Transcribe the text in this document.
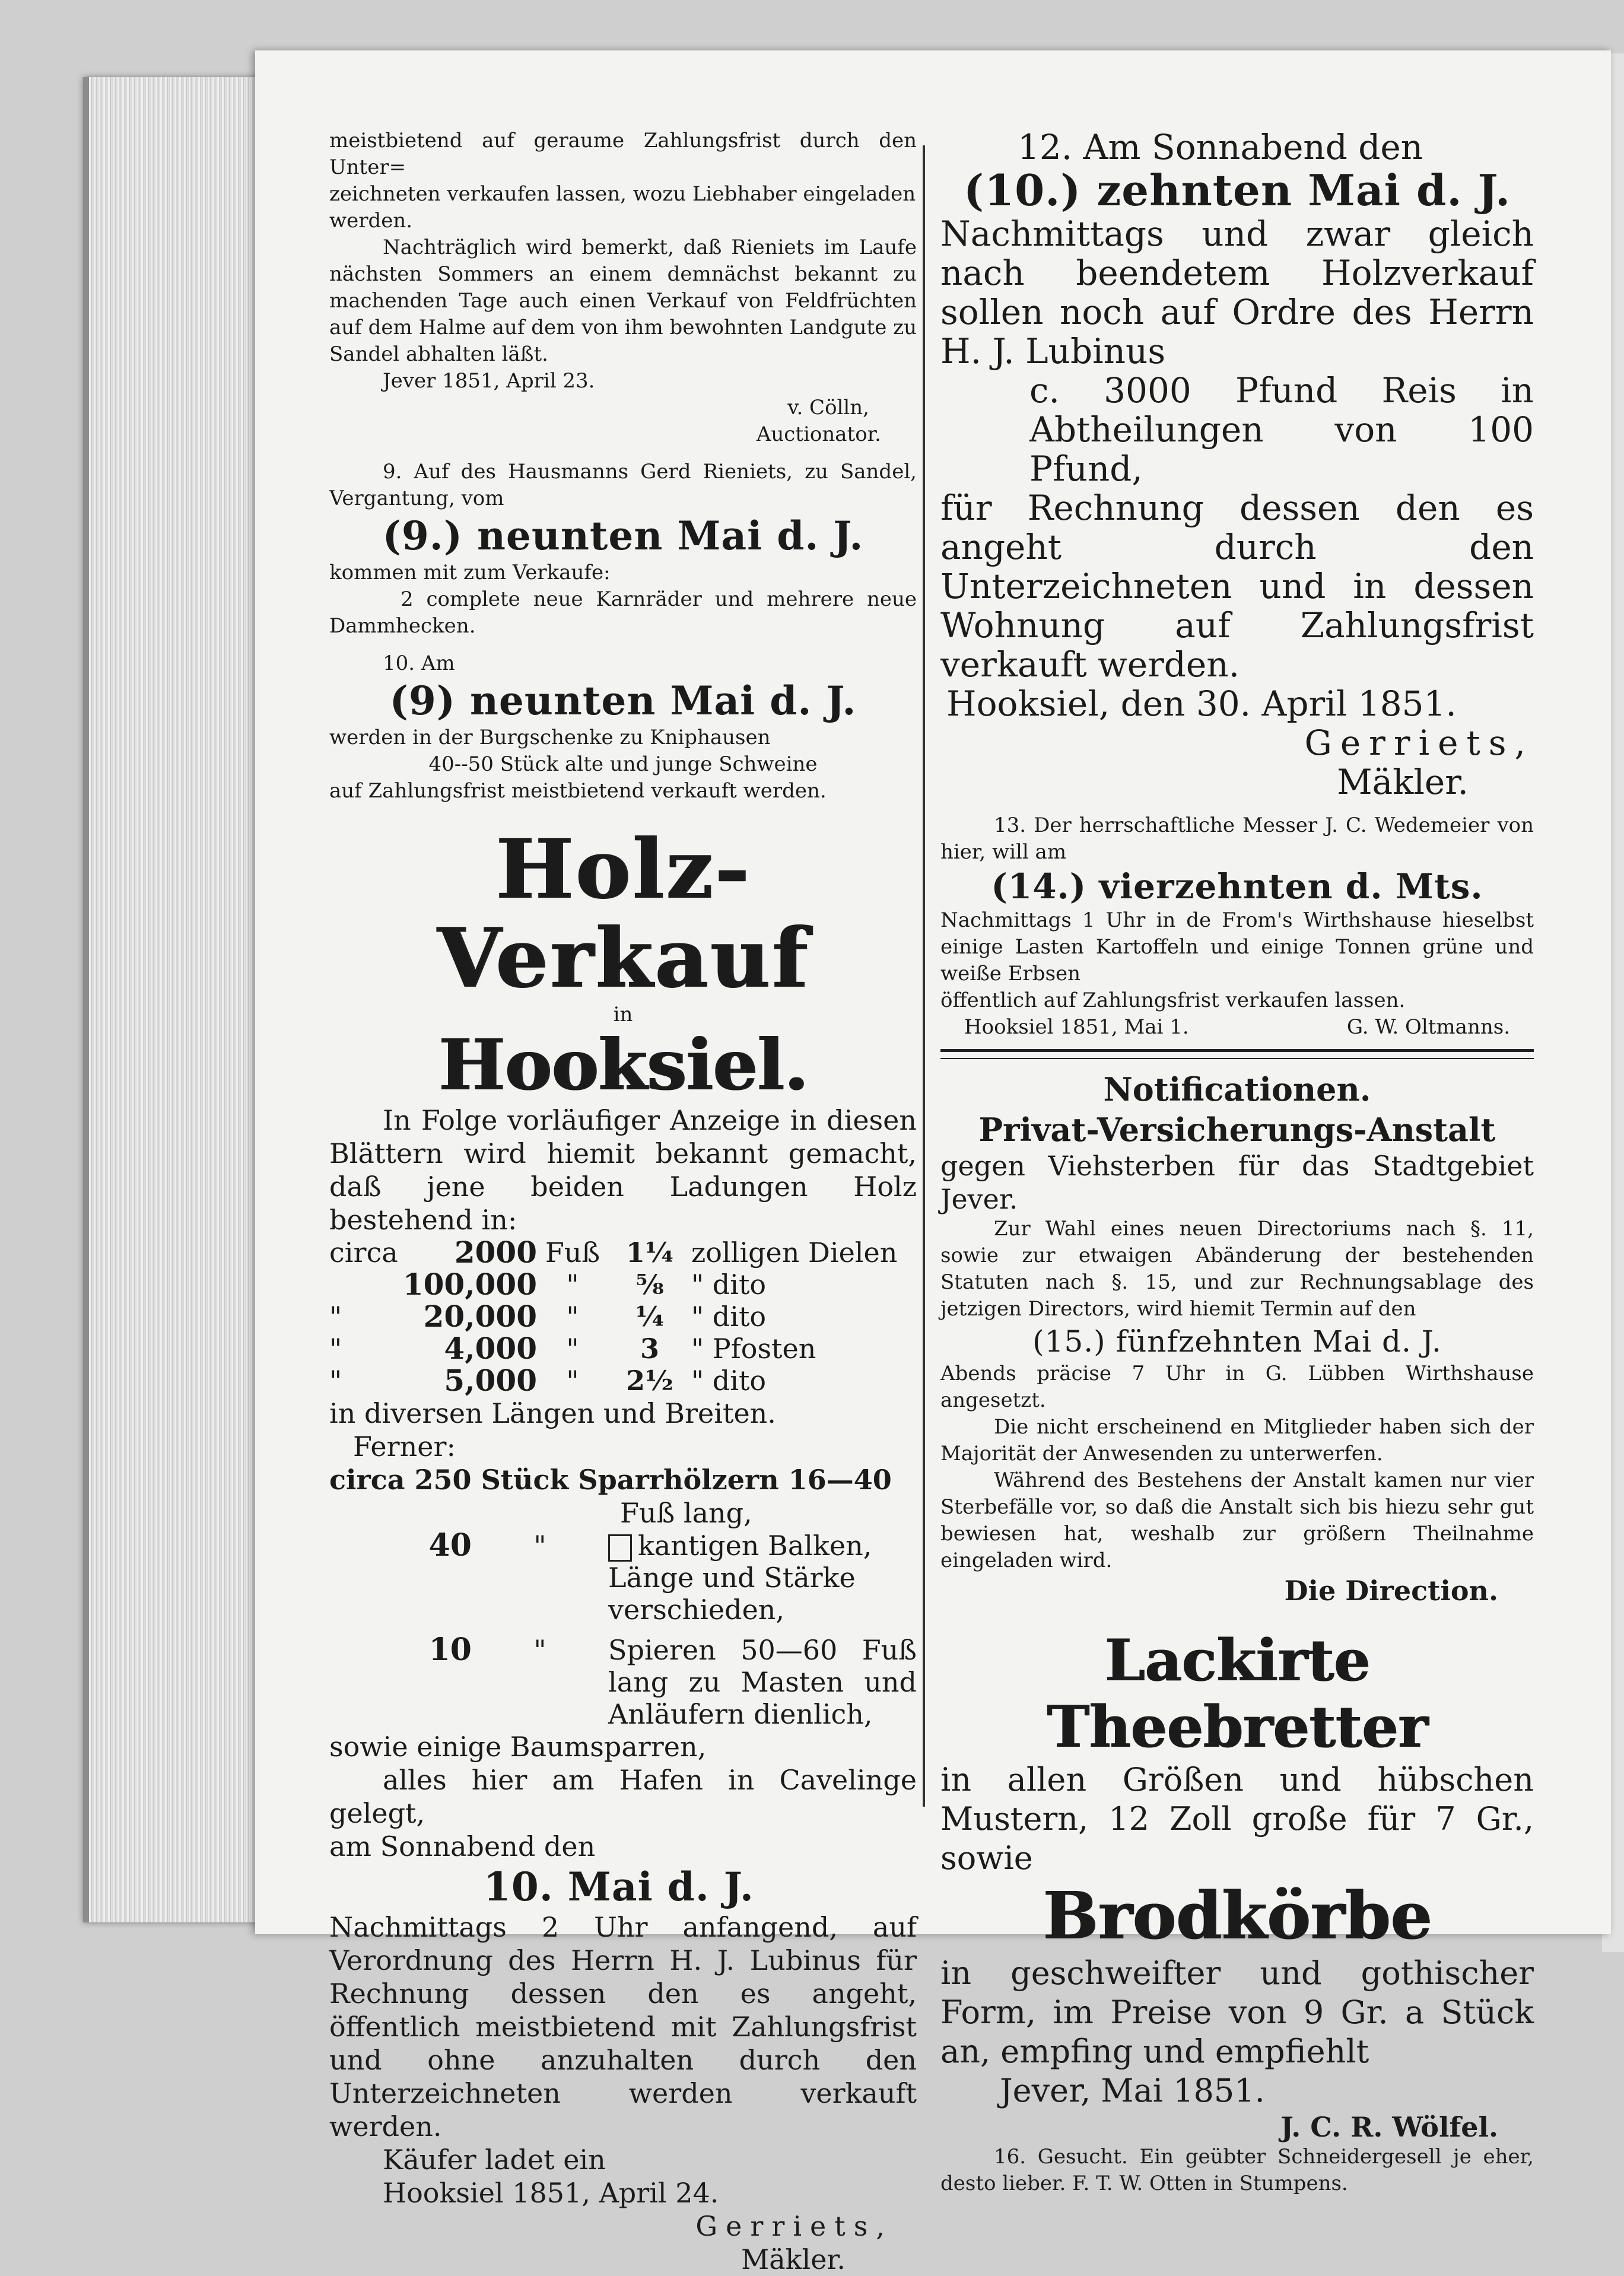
meistbietend auf geraume Zahlungsfrist durch den Unter=

zeichneten verkaufen lassen, wozu Liebhaber eingeladen

werden.

Nachträglich wird bemerkt, daß Rieniets im Laufe nächsten Sommers an einem demnächst bekannt zu machenden Tage auch einen Verkauf von Feldfrüchten auf dem Halme auf dem von ihm bewohnten Landgute zu Sandel abhalten läßt.

Jever 1851, April 23.

v. Cölln,

Auctionator.

9. Auf des Hausmanns Gerd Rieniets, zu Sandel, Vergantung, vom

(9.) neunten Mai d. J.

kommen mit zum Verkaufe:

2 complete neue Karnräder und mehrere neue Dammhecken.

10. Am

(9) neunten Mai d. J.

werden in der Burgschenke zu Kniphausen

40--50 Stück alte und junge Schweine

auf Zahlungsfrist meistbietend verkauft werden.

Holz-Verkauf

in

Hooksiel.

In Folge vorläufiger Anzeige in diesen Blättern wird hiemit bekannt gemacht, daß jene beiden Ladungen Holz bestehend in:

circa	2000	Fuß	1¼	zolligen Dielen
	100,000	"	⅝	" dito
"	20,000	"	¼	" dito
"	4,000	"	3	" Pfosten
"	5,000	"	2½	" dito

in diversen Längen und Breiten.

Ferner:

circa 250 Stück Sparrhölzern 16—40

Fuß lang,

40	"	kantigen Balken, Länge und Stärke verschieden,
10	"	Spieren 50—60 Fuß lang zu Masten und Anläufern dienlich,

sowie einige Baumsparren,

alles hier am Hafen in Cavelinge gelegt,

am Sonnabend den

10. Mai d. J.

Nachmittags 2 Uhr anfangend, auf Verordnung des Herrn H. J. Lubinus für Rechnung dessen den es angeht, öffentlich meistbietend mit Zahlungsfrist und ohne anzuhalten durch den Unterzeichneten werden verkauft werden.

Käufer ladet ein

Hooksiel 1851, April 24.

Gerriets,

Mäkler.

12. Am Sonnabend den

(10.) zehnten Mai d. J.

Nachmittags und zwar gleich nach beendetem Holzverkauf sollen noch auf Ordre des Herrn H. J. Lubinus

c. 3000 Pfund Reis in Abtheilungen von 100 Pfund,

für Rechnung dessen den es angeht durch den Unterzeichneten und in dessen Wohnung auf Zahlungsfrist verkauft werden.

Hooksiel, den 30. April 1851.

Gerriets,

Mäkler.

13. Der herrschaftliche Messer J. C. Wedemeier von hier, will am

(14.) vierzehnten d. Mts.

Nachmittags 1 Uhr in de From's Wirthshause hieselbst einige Lasten Kartoffeln und einige Tonnen grüne und weiße Erbsen

öffentlich auf Zahlungsfrist verkaufen lassen.

Hooksiel 1851, Mai 1.	G. W. Oltmanns.

Notificationen.

Privat-Versicherungs-Anstalt

gegen Viehsterben für das Stadtgebiet Jever.

Zur Wahl eines neuen Directoriums nach §. 11, sowie zur etwaigen Abänderung der bestehenden Statuten nach §. 15, und zur Rechnungsablage des jetzigen Directors, wird hiemit Termin auf den

(15.) fünfzehnten Mai d. J.

Abends präcise 7 Uhr in G. Lübben Wirthshause angesetzt.

Die nicht erscheinend en Mitglieder haben sich der Majorität der Anwesenden zu unterwerfen.

Während des Bestehens der Anstalt kamen nur vier Sterbefälle vor, so daß die Anstalt sich bis hiezu sehr gut bewiesen hat, weshalb zur größern Theilnahme eingeladen wird.

Die Direction.

Lackirte Theebretter

in allen Größen und hübschen Mustern, 12 Zoll große für 7 Gr., sowie

Brodkörbe

in geschweifter und gothischer Form, im Preise von 9 Gr. a Stück an, empfing und empfiehlt

Jever, Mai 1851.

J. C. R. Wölfel.

16. Gesucht. Ein geübter Schneidergesell je eher, desto lieber. F. T. W. Otten in Stumpens.
